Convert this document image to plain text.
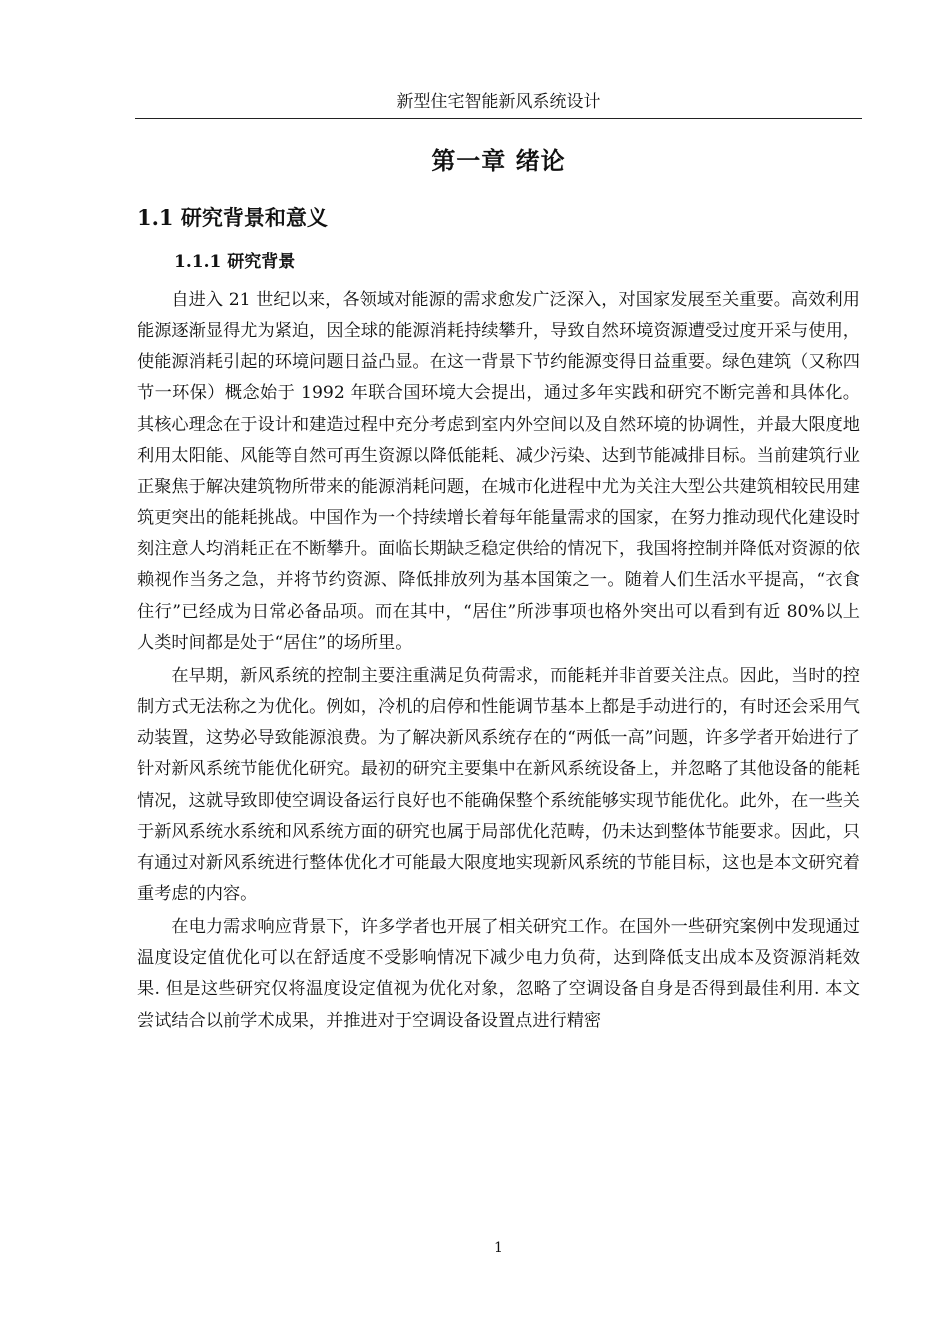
新型住宅智能新风系统设计
第一章 绪论
1.1 研究背景和意义
1.1.1 研究背景

自进入 21 世纪以来，各领域对能源的需求愈发广泛深入，对国家发展至关重要。高效利用能源逐渐显得尤为紧迫，因全球的能源消耗持续攀升，导致自然环境资源遭受过度开采与使用，使能源消耗引起的环境问题日益凸显。在这一背景下节约能源变得日益重要。绿色建筑（又称四节一环保）概念始于 1992 年联合国环境大会提出，通过多年实践和研究不断完善和具体化。其核心理念在于设计和建造过程中充分考虑到室内外空间以及自然环境的协调性，并最大限度地利用太阳能、风能等自然可再生资源以降低能耗、减少污染、达到节能减排目标。当前建筑行业正聚焦于解决建筑物所带来的能源消耗问题，在城市化进程中尤为关注大型公共建筑相较民用建筑更突出的能耗挑战。中国作为一个持续增长着每年能量需求的国家，在努力推动现代化建设时刻注意人均消耗正在不断攀升。面临长期缺乏稳定供给的情况下，我国将控制并降低对资源的依赖视作当务之急，并将节约资源、降低排放列为基本国策之一。随着人们生活水平提高，“衣食住行”已经成为日常必备品项。而在其中，“居住”所涉事项也格外突出可以看到有近 80%以上人类时间都是处于“居住”的场所里。

在早期，新风系统的控制主要注重满足负荷需求，而能耗并非首要关注点。因此，当时的控制方式无法称之为优化。例如，冷机的启停和性能调节基本上都是手动进行的，有时还会采用气动装置，这势必导致能源浪费。为了解决新风系统存在的“两低一高”问题，许多学者开始进行了针对新风系统节能优化研究。最初的研究主要集中在新风系统设备上，并忽略了其他设备的能耗情况，这就导致即使空调设备运行良好也不能确保整个系统能够实现节能优化。此外，在一些关于新风系统水系统和风系统方面的研究也属于局部优化范畴，仍未达到整体节能要求。因此，只有通过对新风系统进行整体优化才可能最大限度地实现新风系统的节能目标，这也是本文研究着重考虑的内容。

在电力需求响应背景下，许多学者也开展了相关研究工作。在国外一些研究案例中发现通过温度设定值优化可以在舒适度不受影响情况下减少电力负荷，达到降低支出成本及资源消耗效果. 但是这些研究仅将温度设定值视为优化对象，忽略了空调设备自身是否得到最佳利用. 本文尝试结合以前学术成果，并推进对于空调设备设置点进行精密

1
